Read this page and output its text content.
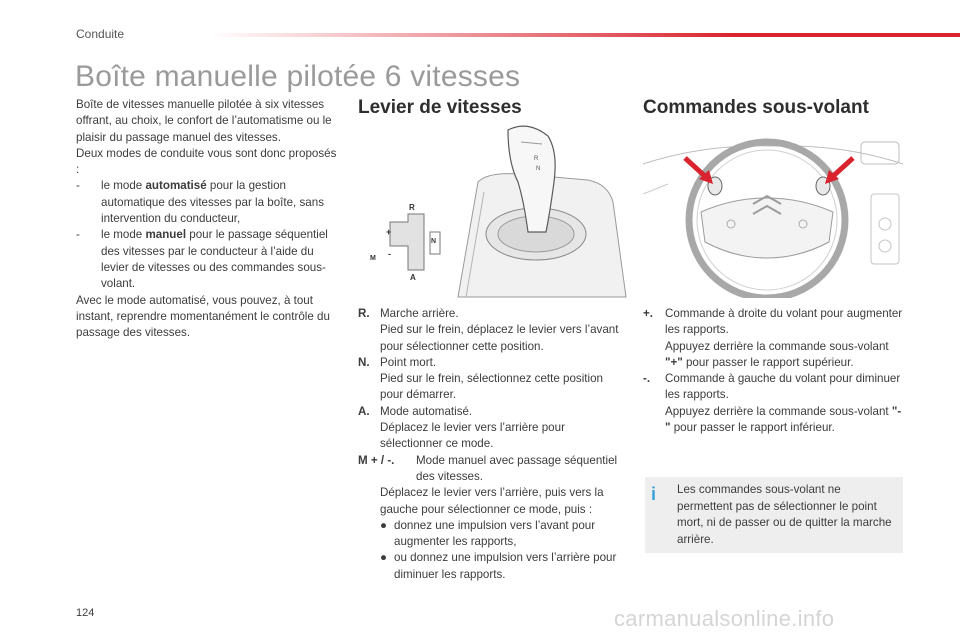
Conduite
Boîte manuelle pilotée 6 vitesses

Boîte de vitesses manuelle pilotée à six vitesses offrant, au choix, le confort de l’automatisme ou le plaisir du passage manuel des vitesses.

Deux modes de conduite vous sont donc proposés :

- le mode automatisé pour la gestion automatique des vitesses par la boîte, sans intervention du conducteur,
- le mode manuel pour le passage séquentiel des vitesses par le conducteur à l’aide du levier de vitesses ou des commandes sous-volant.

Avec le mode automatisé, vous pouvez, à tout instant, reprendre momentanément le contrôle du passage des vitesses.

Levier de vitesses
R
N
R
+
-
M
A
N
R. Marche arrière.
Pied sur le frein, déplacez le levier vers l’avant pour sélectionner cette position.
N. Point mort.
Pied sur le frein, sélectionnez cette position pour démarrer.
A. Mode automatisé.
Déplacez le levier vers l’arrière pour sélectionner ce mode.
M + / -. Mode manuel avec passage séquentiel des vitesses.
Déplacez le levier vers l’arrière, puis vers la gauche pour sélectionner ce mode, puis :
● donnez une impulsion vers l’avant pour augmenter les rapports,
● ou donnez une impulsion vers l’arrière pour diminuer les rapports.
Commandes sous-volant
+. Commande à droite du volant pour augmenter les rapports.
Appuyez derrière la commande sous-volant "+" pour passer le rapport supérieur.
-. Commande à gauche du volant pour diminuer les rapports.
Appuyez derrière la commande sous-volant "-" pour passer le rapport inférieur.
i Les commandes sous-volant ne permettent pas de sélectionner le point mort, ni de passer ou de quitter la marche arrière.
124	carmanualsonline.info
